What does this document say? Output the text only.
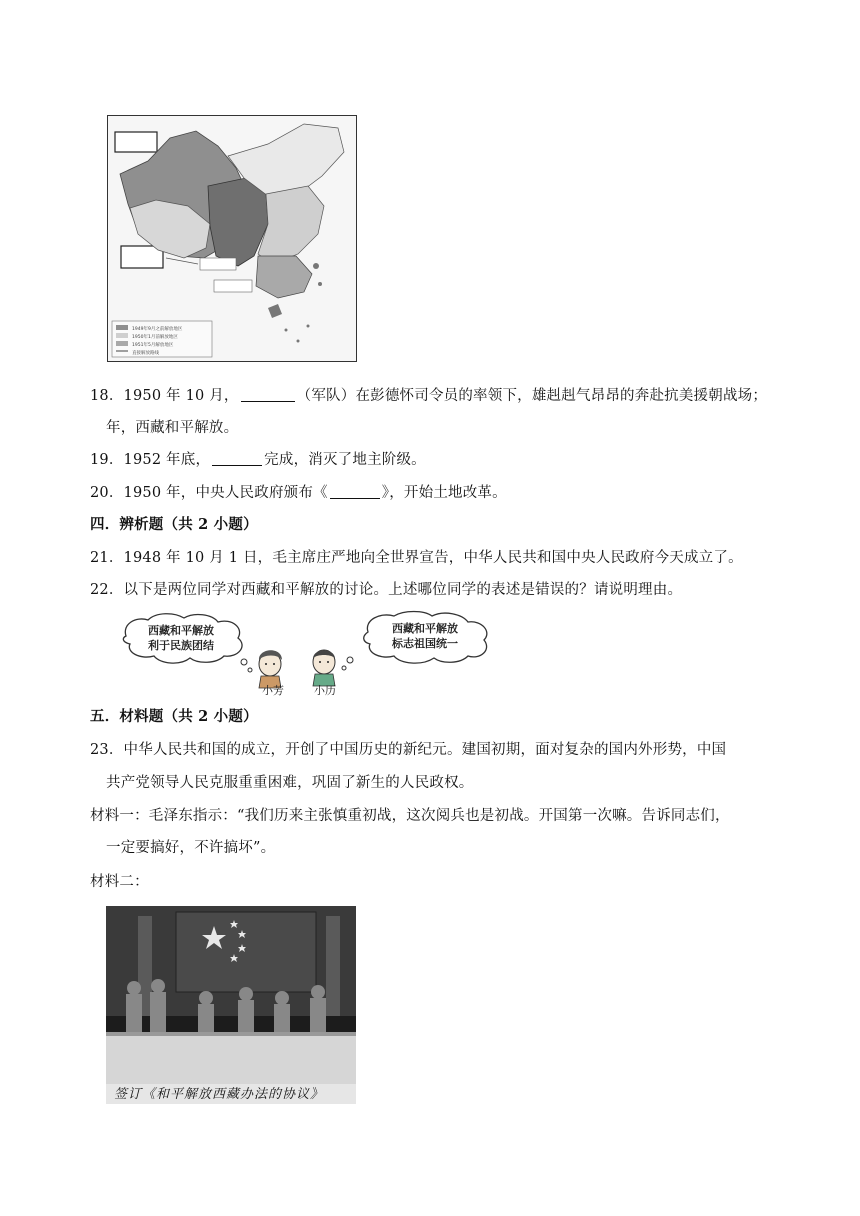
1949年9月之前解放地区
1950年1月前解放地区
1951年5月解放地区
直接解放路线
18．1950 年 10 月，	（军队）在彭德怀司令员的率领下，雄赳赳气昂昂的奔赴抗美援朝战场；
年，西藏和平解放。
19．1952 年底，	完成，消灭了地主阶级。
20．1950 年，中央人民政府颁布《	》，开始土地改革。
四．辨析题（共 2 小题）
21．1948 年 10 月 1 日，毛主席庄严地向全世界宣告，中华人民共和国中央人民政府今天成立了。
22．以下是两位同学对西藏和平解放的讨论。上述哪位同学的表述是错误的？请说明理由。
西藏和平解放
利于民族团结
西藏和平解放
标志祖国统一
小芳	小历
五．材料题（共 2 小题）
23．中华人民共和国的成立，开创了中国历史的新纪元。建国初期，面对复杂的国内外形势，中国
共产党领导人民克服重重困难，巩固了新生的人民政权。
材料一：毛泽东指示：“我们历来主张慎重初战，这次阅兵也是初战。开国第一次嘛。告诉同志们，
一定要搞好，不许搞坏”。
材料二：
签订《和平解放西藏办法的协议》
